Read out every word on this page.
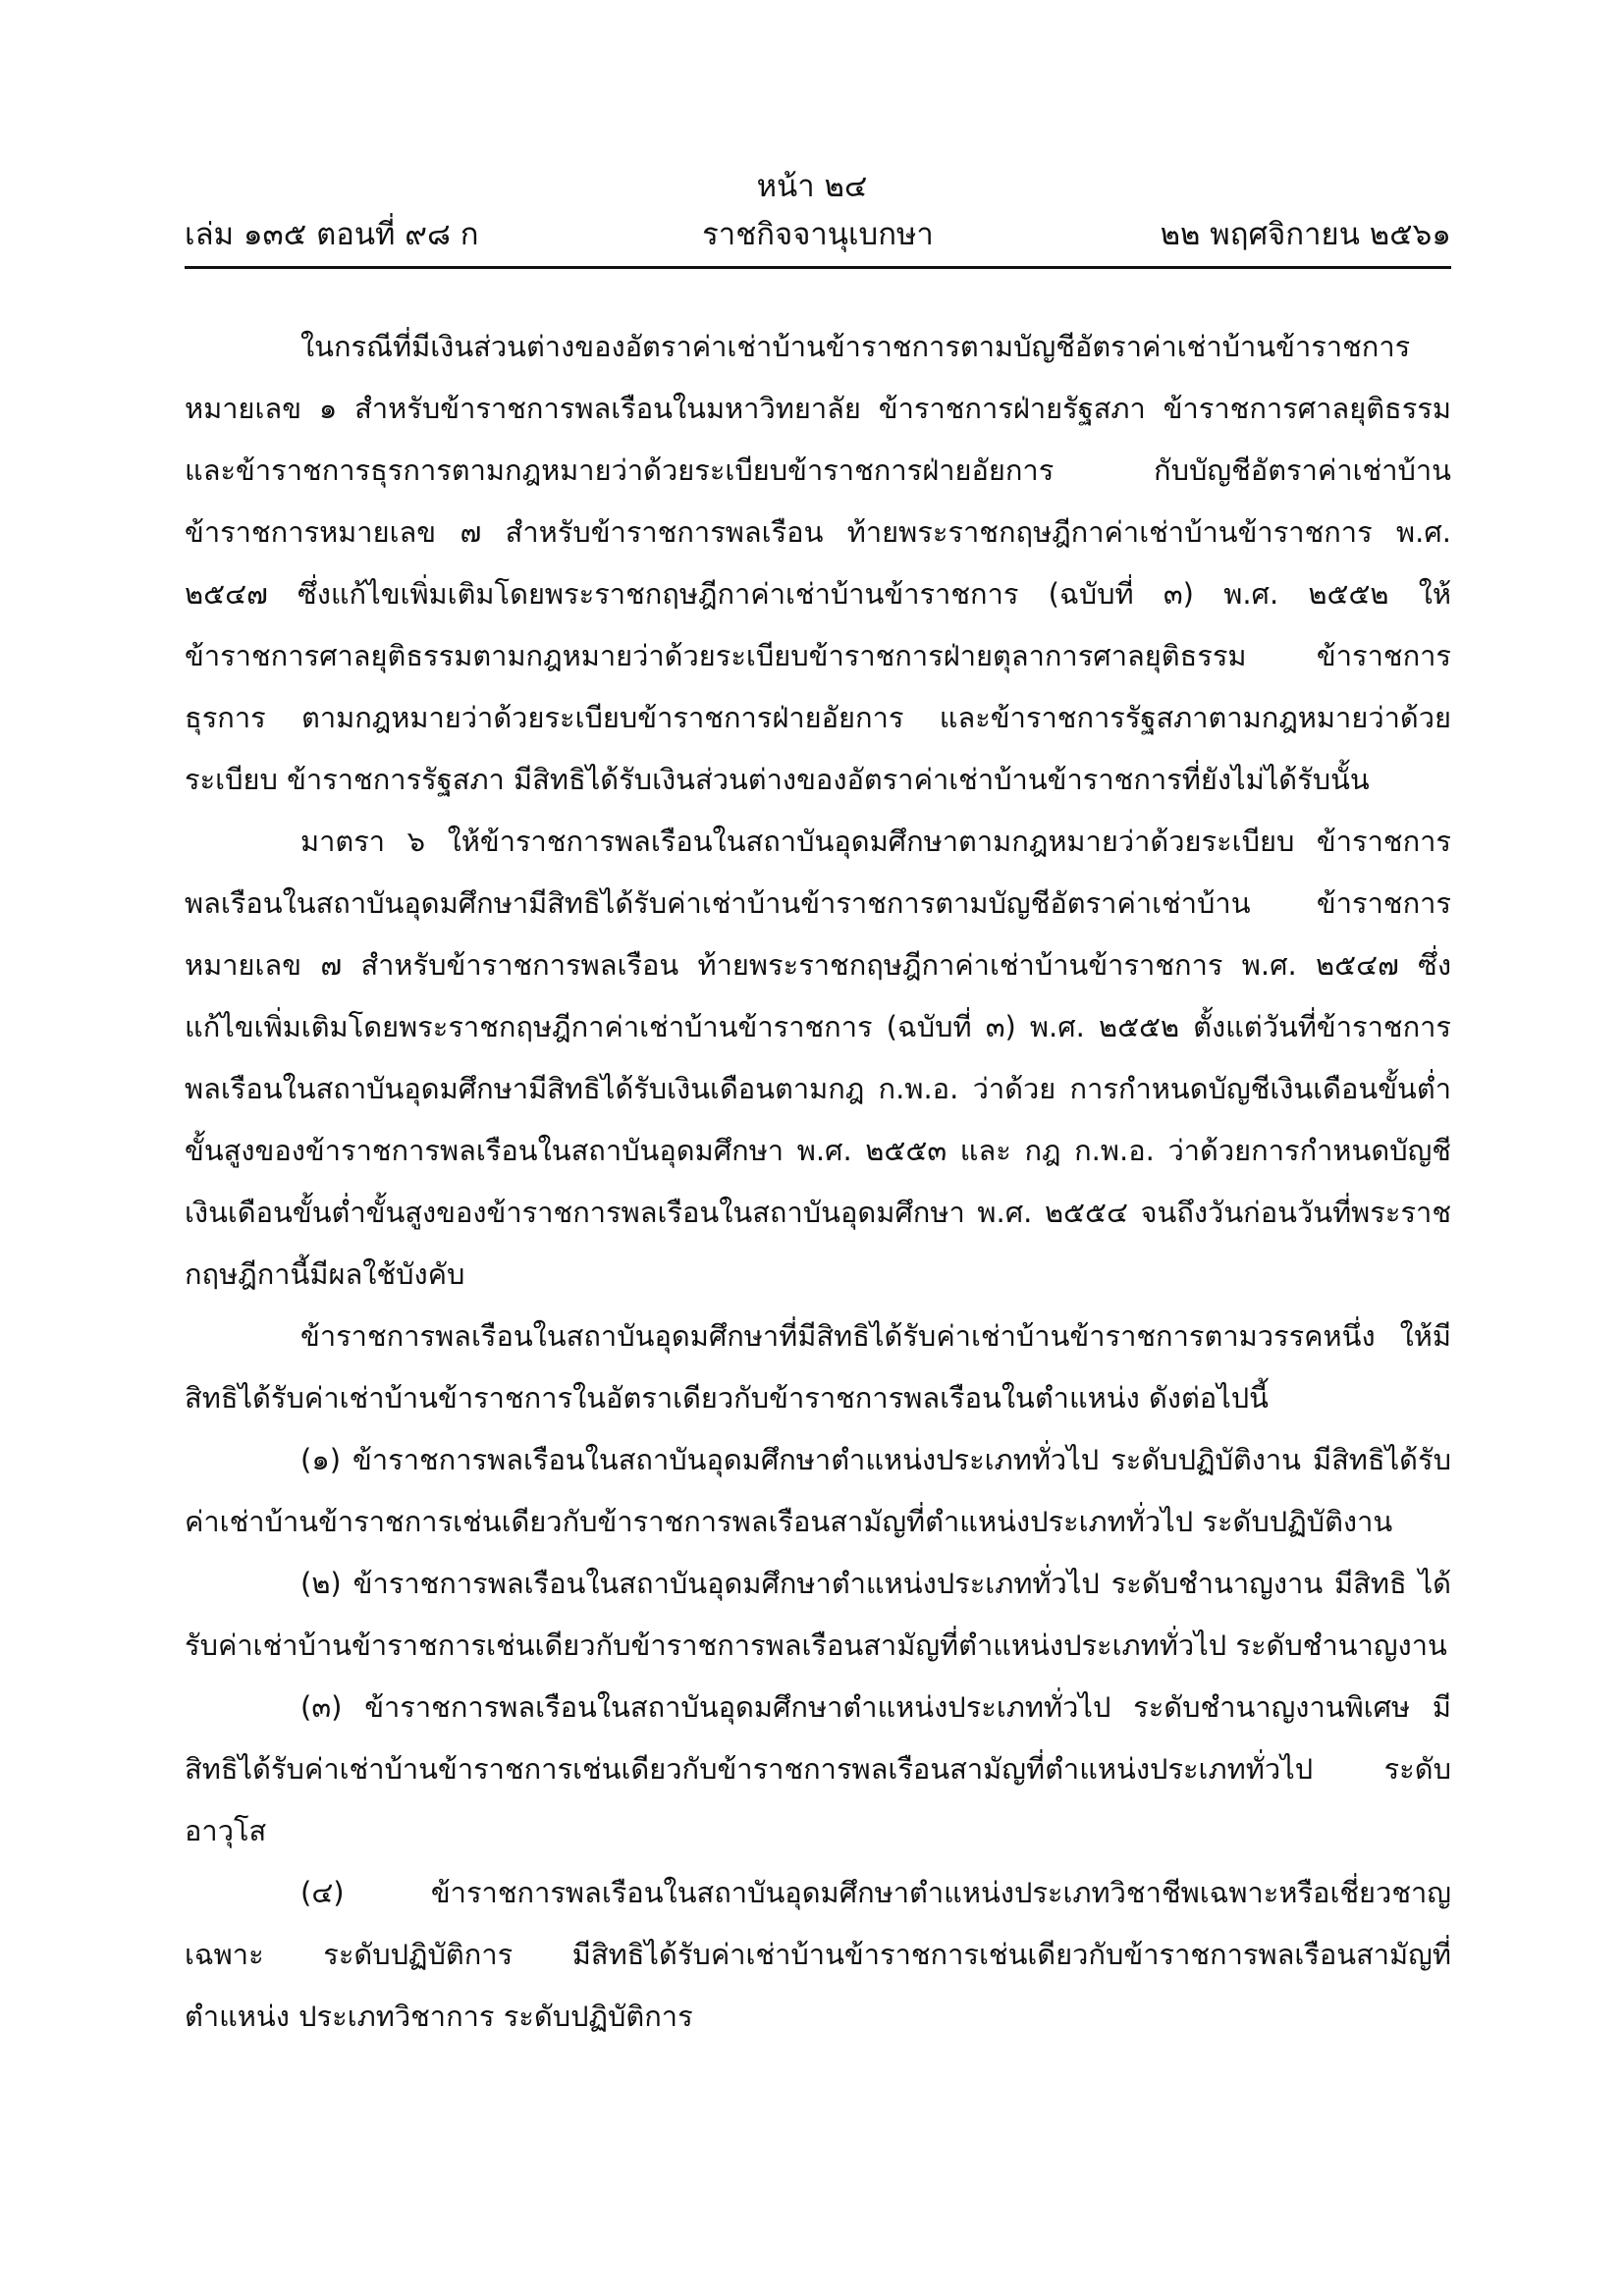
หน้า ๒๔
ราชกิจจานุเบกษา
เล่ม ๑๓๕ ตอนที่ ๙๘ ก	๒๒ พฤศจิกายน ๒๕๖๑

ในกรณีที่มีเงินส่วนต่างของอัตราค่าเช่าบ้านข้าราชการตามบัญชีอัตราค่าเช่าบ้านข้าราชการ หมายเลข ๑ สำหรับข้าราชการพลเรือนในมหาวิทยาลัย ข้าราชการฝ่ายรัฐสภา ข้าราชการศาลยุติธรรม และข้าราชการธุรการตามกฎหมายว่าด้วยระเบียบข้าราชการฝ่ายอัยการ กับบัญชีอัตราค่าเช่าบ้าน ข้าราชการหมายเลข ๗ สำหรับข้าราชการพลเรือน ท้ายพระราชกฤษฎีกาค่าเช่าบ้านข้าราชการ พ.ศ. ๒๕๔๗ ซึ่งแก้ไขเพิ่มเติมโดยพระราชกฤษฎีกาค่าเช่าบ้านข้าราชการ (ฉบับที่ ๓) พ.ศ. ๒๕๕๒ ให้ข้าราชการศาลยุติธรรมตามกฎหมายว่าด้วยระเบียบข้าราชการฝ่ายตุลาการศาลยุติธรรม ข้าราชการธุรการ ตามกฎหมายว่าด้วยระเบียบข้าราชการฝ่ายอัยการ และข้าราชการรัฐสภาตามกฎหมายว่าด้วยระเบียบ ข้าราชการรัฐสภา มีสิทธิได้รับเงินส่วนต่างของอัตราค่าเช่าบ้านข้าราชการที่ยังไม่ได้รับนั้น

มาตรา ๖ ให้ข้าราชการพลเรือนในสถาบันอุดมศึกษาตามกฎหมายว่าด้วยระเบียบ ข้าราชการพลเรือนในสถาบันอุดมศึกษามีสิทธิได้รับค่าเช่าบ้านข้าราชการตามบัญชีอัตราค่าเช่าบ้าน ข้าราชการหมายเลข ๗ สำหรับข้าราชการพลเรือน ท้ายพระราชกฤษฎีกาค่าเช่าบ้านข้าราชการ พ.ศ. ๒๕๔๗ ซึ่งแก้ไขเพิ่มเติมโดยพระราชกฤษฎีกาค่าเช่าบ้านข้าราชการ (ฉบับที่ ๓) พ.ศ. ๒๕๕๒ ตั้งแต่วันที่ข้าราชการพลเรือนในสถาบันอุดมศึกษามีสิทธิได้รับเงินเดือนตามกฎ ก.พ.อ. ว่าด้วย การกำหนดบัญชีเงินเดือนขั้นต่ำขั้นสูงของข้าราชการพลเรือนในสถาบันอุดมศึกษา พ.ศ. ๒๕๕๓ และ กฎ ก.พ.อ. ว่าด้วยการกำหนดบัญชีเงินเดือนขั้นต่ำขั้นสูงของข้าราชการพลเรือนในสถาบันอุดมศึกษา พ.ศ. ๒๕๕๔ จนถึงวันก่อนวันที่พระราชกฤษฎีกานี้มีผลใช้บังคับ

ข้าราชการพลเรือนในสถาบันอุดมศึกษาที่มีสิทธิได้รับค่าเช่าบ้านข้าราชการตามวรรคหนึ่ง ให้มีสิทธิได้รับค่าเช่าบ้านข้าราชการในอัตราเดียวกับข้าราชการพลเรือนในตำแหน่ง ดังต่อไปนี้

(๑) ข้าราชการพลเรือนในสถาบันอุดมศึกษาตำแหน่งประเภททั่วไป ระดับปฏิบัติงาน มีสิทธิได้รับ ค่าเช่าบ้านข้าราชการเช่นเดียวกับข้าราชการพลเรือนสามัญที่ตำแหน่งประเภททั่วไป ระดับปฏิบัติงาน

(๒) ข้าราชการพลเรือนในสถาบันอุดมศึกษาตำแหน่งประเภททั่วไป ระดับชำนาญงาน มีสิทธิ ได้รับค่าเช่าบ้านข้าราชการเช่นเดียวกับข้าราชการพลเรือนสามัญที่ตำแหน่งประเภททั่วไป ระดับชำนาญงาน

(๓) ข้าราชการพลเรือนในสถาบันอุดมศึกษาตำแหน่งประเภททั่วไป ระดับชำนาญงานพิเศษ มีสิทธิได้รับค่าเช่าบ้านข้าราชการเช่นเดียวกับข้าราชการพลเรือนสามัญที่ตำแหน่งประเภททั่วไป ระดับอาวุโส

(๔) ข้าราชการพลเรือนในสถาบันอุดมศึกษาตำแหน่งประเภทวิชาชีพเฉพาะหรือเชี่ยวชาญเฉพาะ ระดับปฏิบัติการ มีสิทธิได้รับค่าเช่าบ้านข้าราชการเช่นเดียวกับข้าราชการพลเรือนสามัญที่ตำแหน่ง ประเภทวิชาการ ระดับปฏิบัติการ
